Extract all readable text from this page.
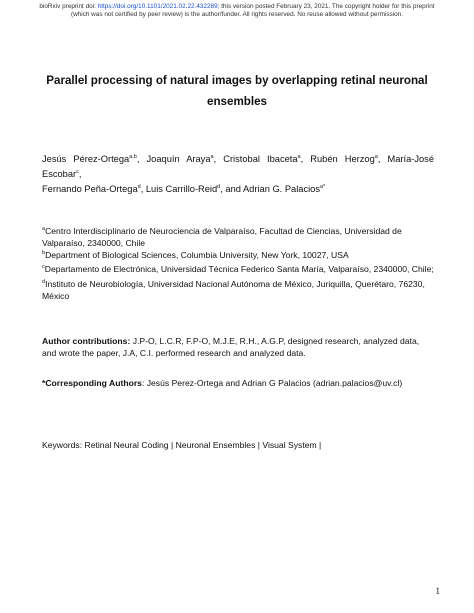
bioRxiv preprint doi: https://doi.org/10.1101/2021.02.22.432289; this version posted February 23, 2021. The copyright holder for this preprint
(which was not certified by peer review) is the author/funder. All rights reserved. No reuse allowed without permission.
Parallel processing of natural images by overlapping retinal neuronal ensembles
Jesús Pérez-Ortega$^{a,b}$, Joaquín Araya$^a$, Cristobal Ibaceta$^a$, Rubén Herzog$^a$, María-José Escobar$^c$,
Fernando Peña-Ortega$^d$, Luis Carrillo-Reid$^d$, and Adrian G. Palacios$^{a*}$

$^a$Centro Interdisciplinario de Neurociencia de Valparaíso, Facultad de Ciencias, Universidad de Valparaíso, 2340000, Chile

$^b$Department of Biological Sciences, Columbia University, New York, 10027, USA

$^c$Departamento de Electrónica, Universidad Técnica Federico Santa María, Valparaíso, 2340000, Chile;

$^d$Instituto de Neurobiología, Universidad Nacional Autónoma de México, Juriquilla, Querétaro, 76230, México

Author contributions: J.P-O, L.C.R, F.P-O, M.J.E, R.H., A.G.P, designed research, analyzed data, and wrote the paper, J.A, C.I. performed research and analyzed data.

*Corresponding Authors: Jesús Perez-Ortega and Adrian G Palacios (adrian.palacios@uv.cl)

Keywords: Retinal Neural Coding | Neuronal Ensembles | Visual System |

1
